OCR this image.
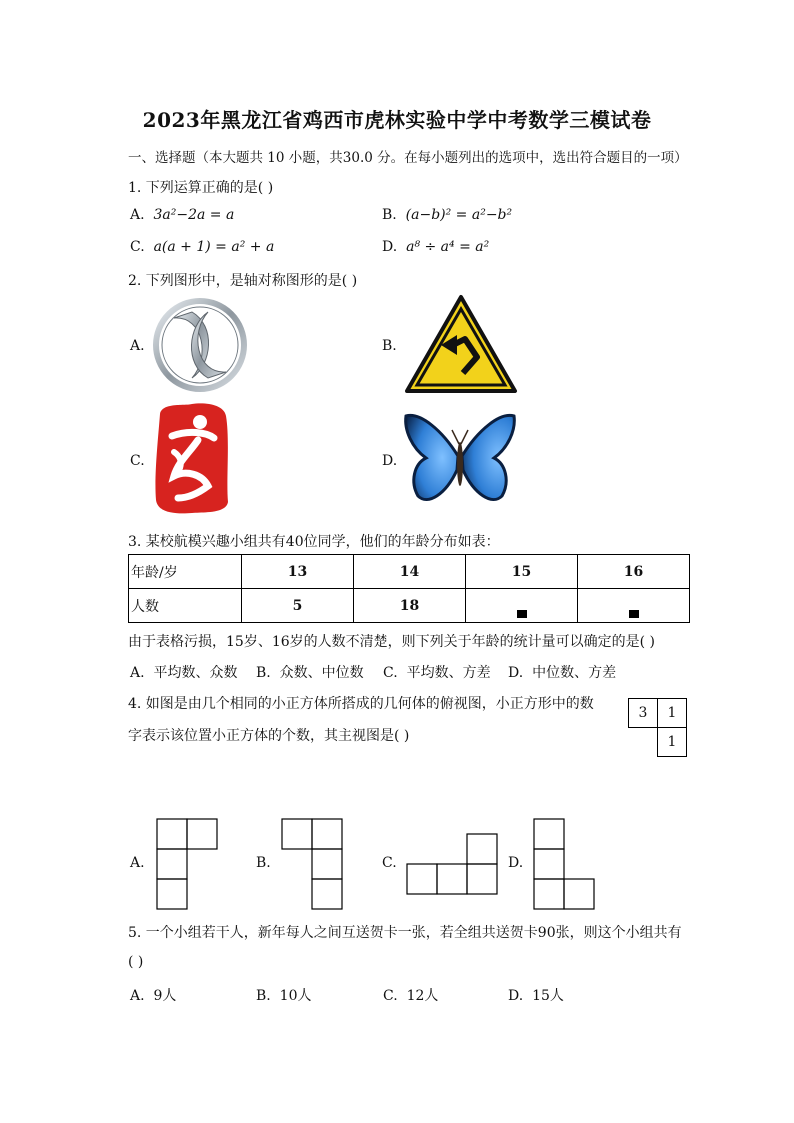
2023年黑龙江省鸡西市虎林实验中学中考数学三模试卷
一、选择题（本大题共 10 小题，共30.0 分。在每小题列出的选项中，选出符合题目的一项）
1. 下列运算正确的是( )
A. 3a²−2a = a	B. (a−b)² = a²−b²
C. a(a + 1) = a² + a	D. a⁸ ÷ a⁴ = a²
2. 下列图形中，是轴对称图形的是( )
A.	B.
C.	D.
3. 某校航模兴趣小组共有40位同学，他们的年龄分布如表：
年龄/岁	13	14	15	16
人数	5	18		
由于表格污损，15岁、16岁的人数不清楚，则下列关于年龄的统计量可以确定的是( )
A. 平均数、众数 B. 众数、中位数 C. 平均数、方差 D. 中位数、方差
4. 如图是由几个相同的小正方体所搭成的几何体的俯视图，小正方形中的数
字表示该位置小正方体的个数，其主视图是( )
3	1
	1
A.	B.	C.	D.
5. 一个小组若干人，新年每人之间互送贺卡一张，若全组共送贺卡90张，则这个小组共有
( )
A. 9人	B. 10人	C. 12人	D. 15人
